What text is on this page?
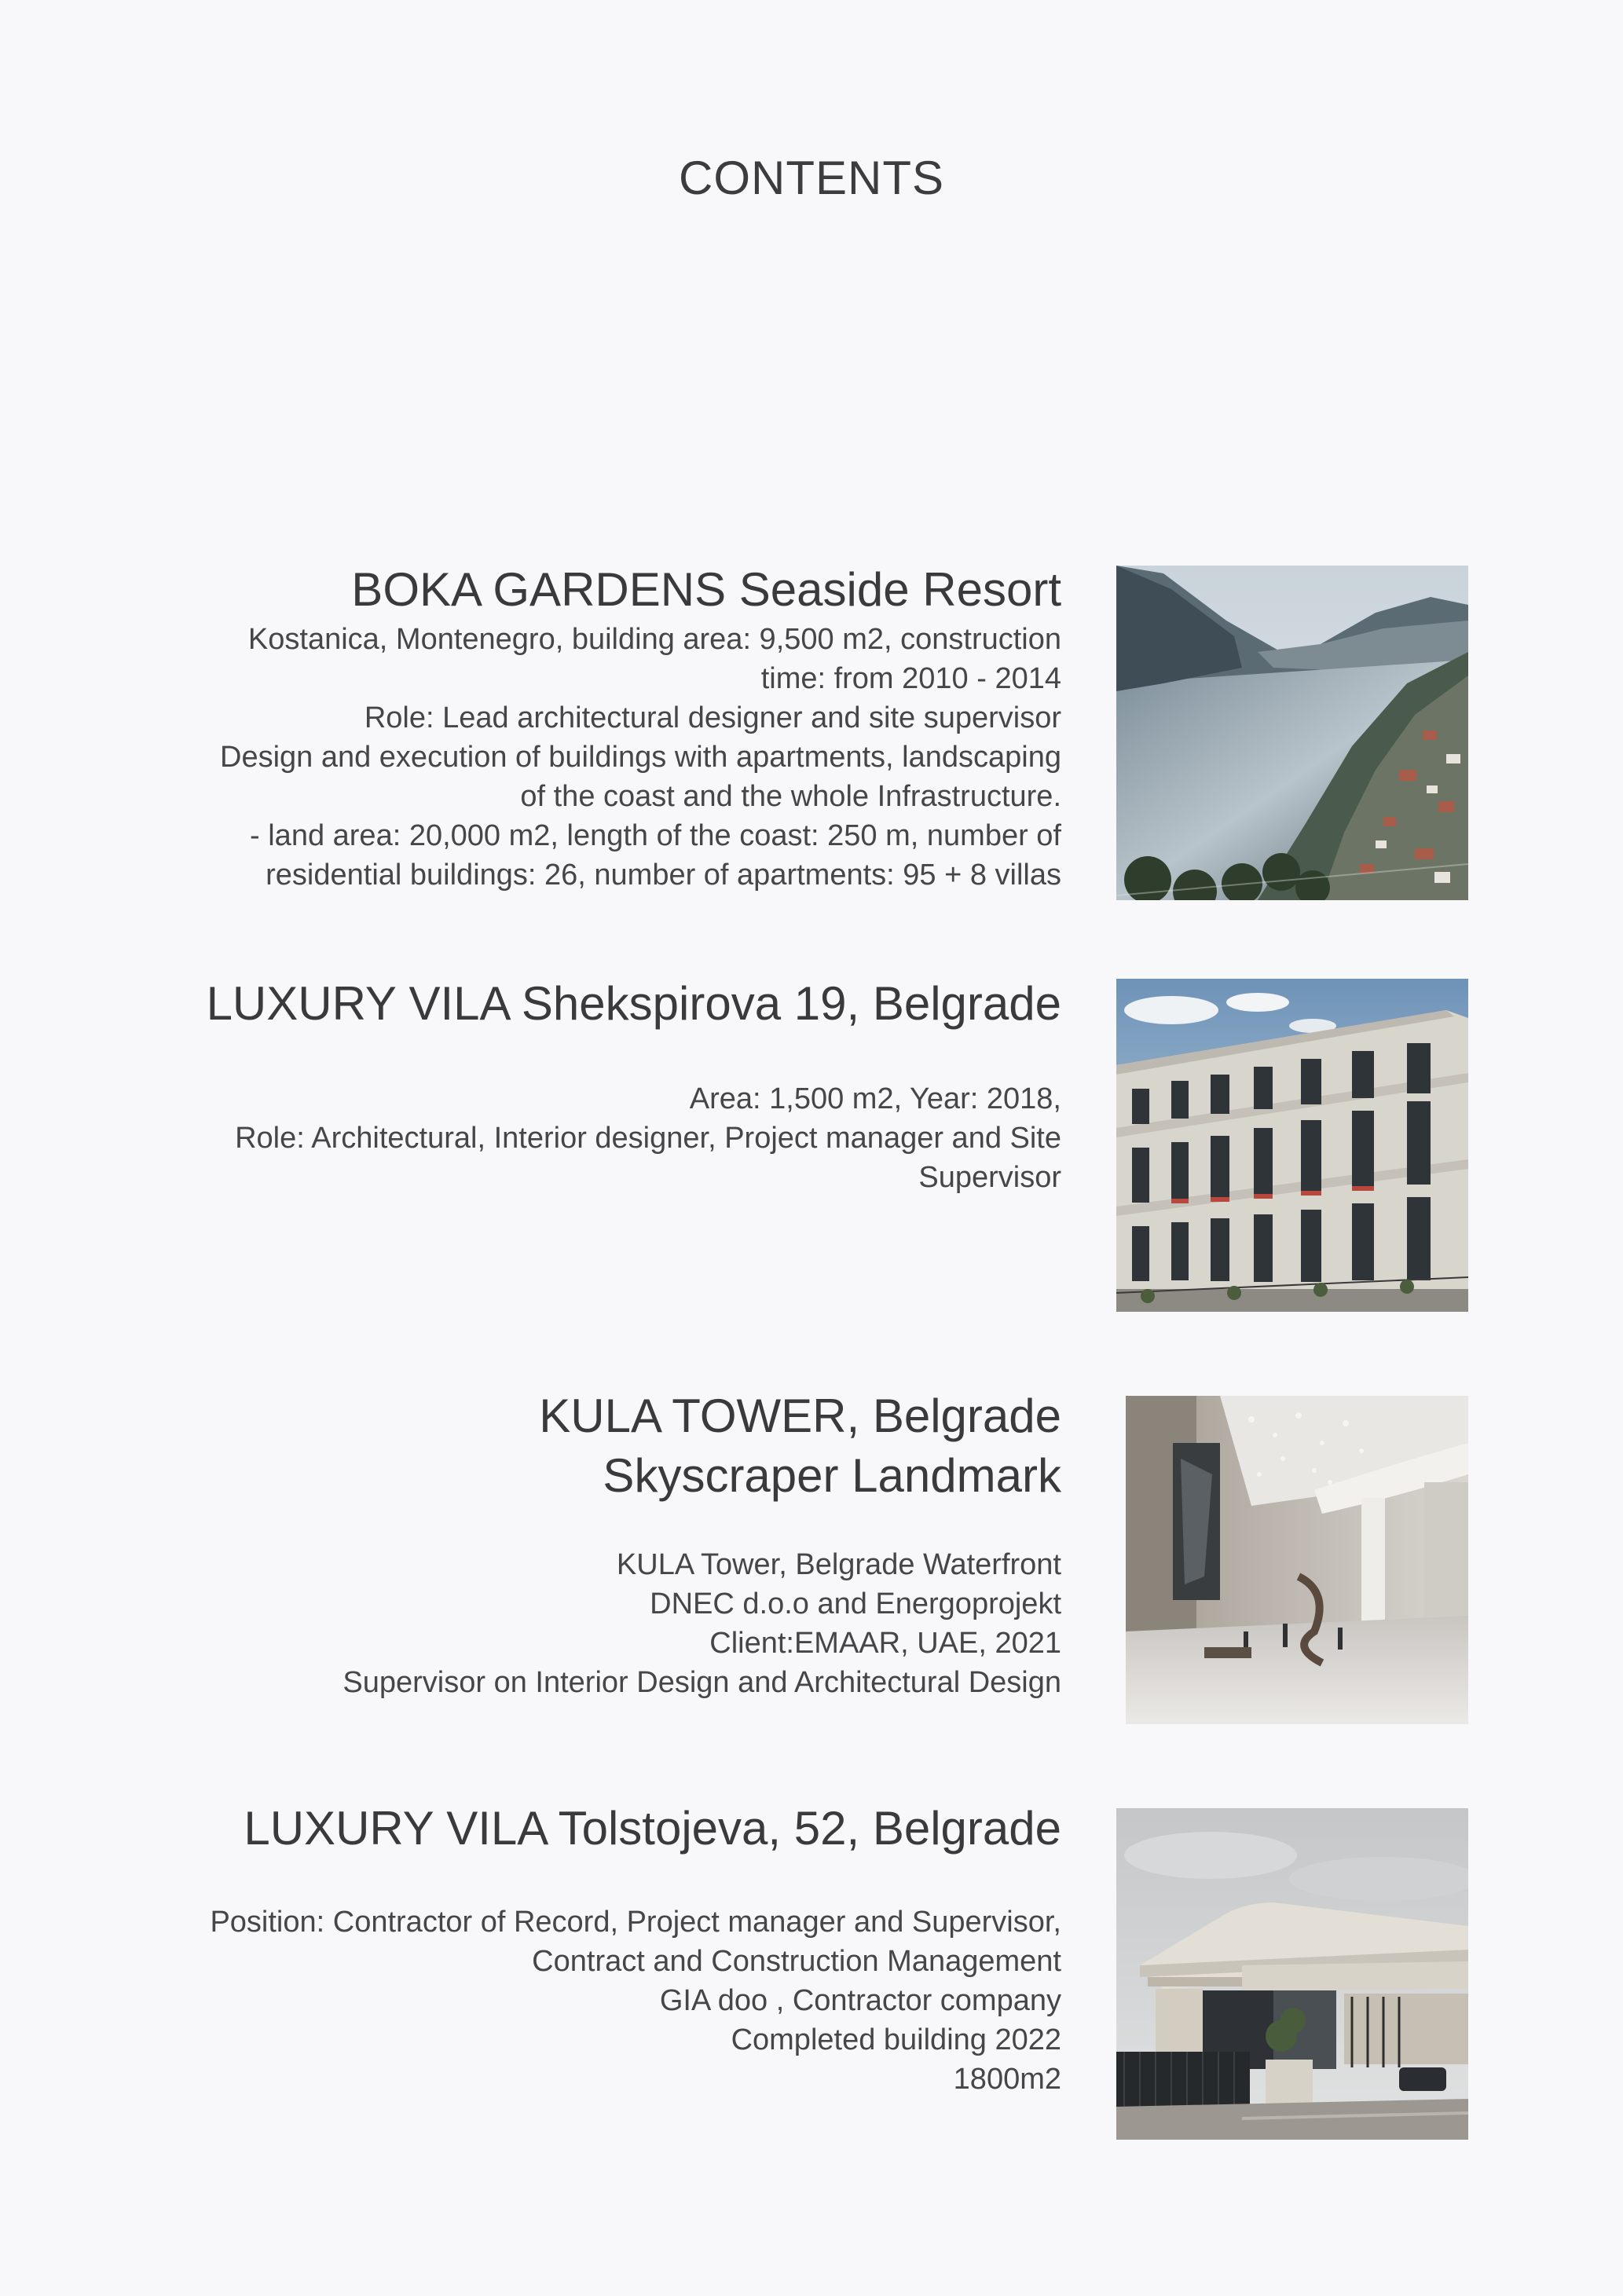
CONTENTS
BOKA GARDENS Seaside Resort
Kostanica, Montenegro, building area: 9,500 m2, construction
time: from 2010 - 2014
Role: Lead architectural designer and site supervisor
Design and execution of buildings with apartments, landscaping
of the coast and the whole Infrastructure.
- land area: 20,000 m2, length of the coast: 250 m, number of
residential buildings: 26, number of apartments: 95 + 8 villas
LUXURY VILA Shekspirova 19, Belgrade
Area: 1,500 m2, Year: 2018,
Role: Architectural, Interior designer, Project manager and Site
Supervisor
KULA TOWER, Belgrade
Skyscraper Landmark
KULA Tower, Belgrade Waterfront
DNEC d.o.o and Energoprojekt
Client:EMAAR, UAE, 2021
Supervisor on Interior Design and Architectural Design
LUXURY VILA Tolstojeva, 52, Belgrade
Position: Contractor of Record, Project manager and Supervisor,
Contract and Construction Management
GIA doo , Contractor company
Completed building 2022
1800m2
